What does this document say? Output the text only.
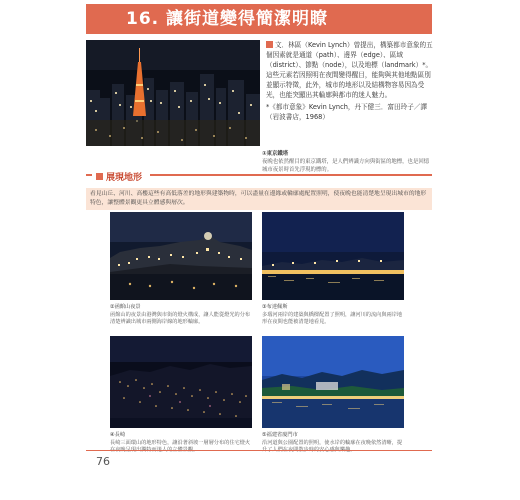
16. 讓街道變得簡潔明瞭
文．林區（Kevin Lynch）曾提出，構築都市意象的五個因素就是通道（path）、邊界（edge）、區域（district）、節點（node），以及地標（landmark）*。這些元素若因照明在夜間變得醒目，能夠與其他地點區別並顯示特徵，此外，城市的地形以及結構物容易因為受光，也能突顯出其輪廓與都市的迷人魅力。
*《都市意象》Kevin Lynch，丹下健三．富田玲子／譯（岩波書店，1968）
①東京鐵塔
夜晚也依然醒目的東京鐵塔，是人們辨識方向與街區的地標，也是回憶城市夜景時首先浮現的標的。
展現地形
看見山丘、河川、高樓這些有高低落差的地形與建築物時，可以盡量在邊緣或輪廓處配置照明，使夜晚也能清楚地呈現出城市的地形特色，讓整體景觀更具立體感與層次。
②函館山夜景
函館山的夜景由港灣與市街的燈火構成，讓人能從燈光的分布清楚辨識出城市兩側海岸線的地形輪廓。
③布達佩斯
多瑙河兩岸的建築與橋樑配置了照明，讓河川的流向與兩岸地形在夜間也能被清楚地看見。
④長崎
長崎三面環山的地形特色，讓沿著斜坡一層層分布的住宅燈火
⑤福建省廈門市
沿河道與公園配置的照明，使水岸的輪廓在夜晚依然清晰，提
76
